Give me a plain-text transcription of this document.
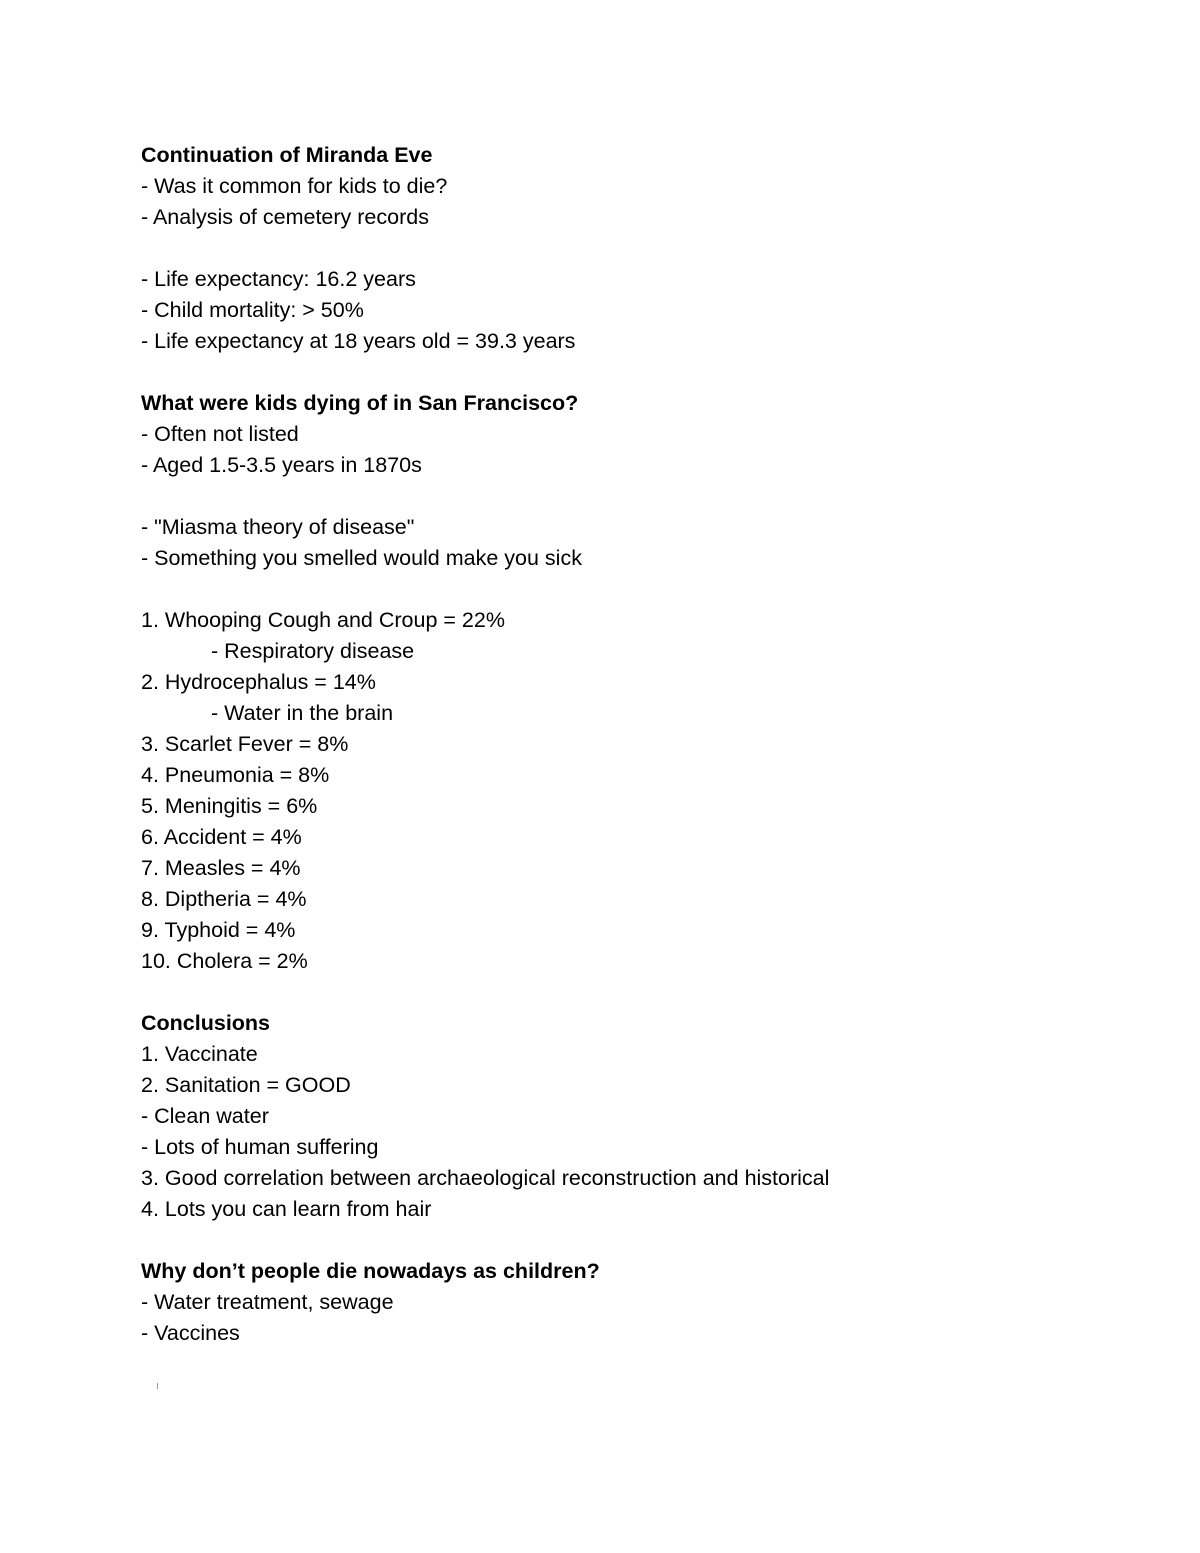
Continuation of Miranda Eve
- Was it common for kids to die?
- Analysis of cemetery records
- Life expectancy: 16.2 years
- Child mortality: > 50%
- Life expectancy at 18 years old = 39.3 years
What were kids dying of in San Francisco?
- Often not listed
- Aged 1.5-3.5 years in 1870s
- "Miasma theory of disease"
- Something you smelled would make you sick
1. Whooping Cough and Croup = 22%
- Respiratory disease
2. Hydrocephalus = 14%
- Water in the brain
3. Scarlet Fever = 8%
4. Pneumonia = 8%
5. Meningitis = 6%
6. Accident = 4%
7. Measles = 4%
8. Diptheria = 4%
9. Typhoid = 4%
10. Cholera = 2%
Conclusions
1. Vaccinate
2. Sanitation = GOOD
- Clean water
- Lots of human suffering
3. Good correlation between archaeological reconstruction and historical
4. Lots you can learn from hair
Why don’t people die nowadays as children?
- Water treatment, sewage
- Vaccines
